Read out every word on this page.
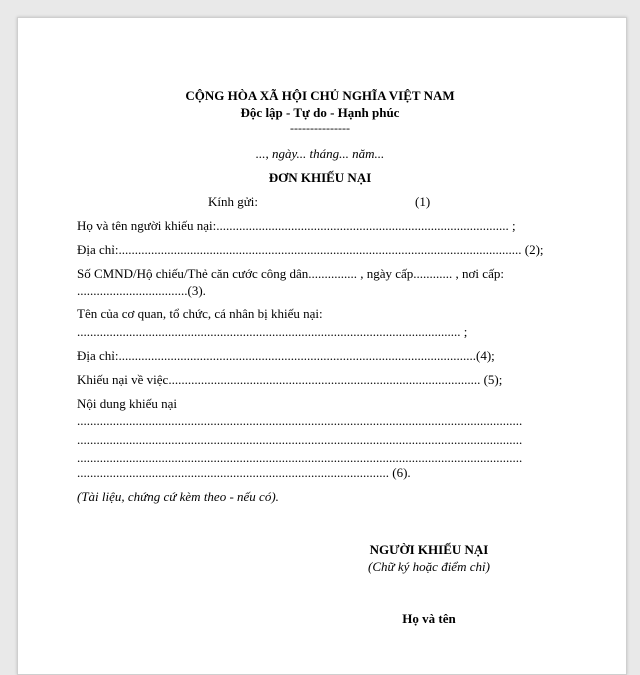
CỘNG HÒA XÃ HỘI CHỦ NGHĨA VIỆT NAM
Độc lập - Tự do - Hạnh phúc
---------------
..., ngày... tháng... năm...
ĐƠN KHIẾU NẠI
Kính gửi:	(1)
Họ và tên người khiếu nại:.......................................................................................... ;
Địa chỉ:............................................................................................................................ (2);
Số CMND/Hộ chiếu/Thẻ căn cước công dân............... , ngày cấp............ , nơi cấp:
..................................(3).
Tên của cơ quan, tổ chức, cá nhân bị khiếu nại:
...................................................................................................................... ;
Địa chỉ:..............................................................................................................(4);
Khiếu nại về việc................................................................................................ (5);
Nội dung khiếu nại
.........................................................................................................................................
.........................................................................................................................................
.........................................................................................................................................
................................................................................................ (6).
(Tài liệu, chứng cứ kèm theo - nếu có).
NGƯỜI KHIẾU NẠI
(Chữ ký hoặc điểm chỉ)
Họ và tên
